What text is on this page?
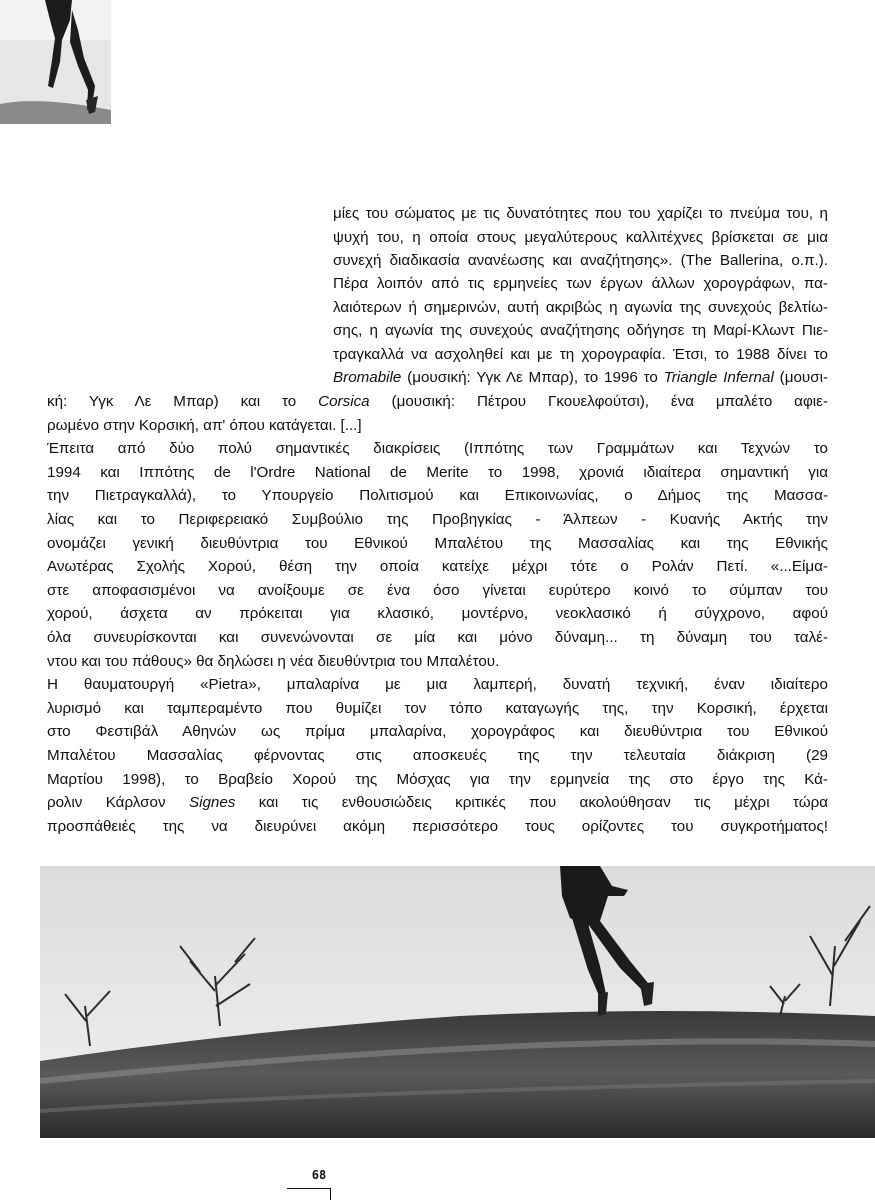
μίες του σώματος με τις δυνατότητες που του χαρίζει το πνεύμα του, η
ψυχή του, η οποία στους μεγαλύτερους καλλιτέχνες βρίσκεται σε μια
συνεχή διαδικασία ανανέωσης και αναζήτησης». (The Ballerina, ο.π.).

Πέρα λοιπόν από τις ερμηνείες των έργων άλλων χορογράφων, πα-
λαιότερων ή σημερινών, αυτή ακριβώς η αγωνία της συνεχούς βελτίω-
σης, η αγωνία της συνεχούς αναζήτησης οδήγησε τη Μαρί-Κλωντ Πιε-
τραγκαλλά να ασχοληθεί και με τη χορογραφία. Έτσι, το 1988 δίνει το
Bromabile (μουσική: Υγκ Λε Μπαρ), το 1996 το Triangle Infernal (μουσι-

κή: Υγκ Λε Μπαρ) και το Corsica (μουσική: Πέτρου Γκουελφούτσι), ένα μπαλέτο αφιε-
ρωμένο στην Κορσική, απ' όπου κατάγεται. [...]
Έπειτα από δύο πολύ σημαντικές διακρίσεις (Ιππότης των Γραμμάτων και Τεχνών το
1994 και Ιππότης de l'Ordre National de Merite το 1998, χρονιά ιδιαίτερα σημαντική για
την Πιετραγκαλλά), το Υπουργείο Πολιτισμού και Επικοινωνίας, ο Δήμος της Μασσα-
λίας και το Περιφερειακό Συμβούλιο της Προβηγκίας - Άλπεων - Κυανής Ακτής την
ονομάζει γενική διευθύντρια του Εθνικού Μπαλέτου της Μασσαλίας και της Εθνικής
Ανωτέρας Σχολής Χορού, θέση την οποία κατείχε μέχρι τότε ο Ρολάν Πετί. «...Είμα-
στε αποφασισμένοι να ανοίξουμε σε ένα όσο γίνεται ευρύτερο κοινό το σύμπαν του
χορού, άσχετα αν πρόκειται για κλασικό, μοντέρνο, νεοκλασικό ή σύγχρονο, αφού
όλα συνευρίσκονται και συνενώνονται σε μία και μόνο δύναμη... τη δύναμη του ταλέ-
ντου και του πάθους» θα δηλώσει η νέα διευθύντρια του Μπαλέτου.
Η θαυματουργή «Pietra», μπαλαρίνα με μια λαμπερή, δυνατή τεχνική, έναν ιδιαίτερο
λυρισμό και ταμπεραμέντο που θυμίζει τον τόπο καταγωγής της, την Κορσική, έρχεται
στο Φεστιβάλ Αθηνών ως πρίμα μπαλαρίνα, χορογράφος και διευθύντρια του Εθνικού
Μπαλέτου Μασσαλίας φέρνοντας στις αποσκευές της την τελευταία διάκριση (29
Μαρτίου 1998), το Βραβείο Χορού της Μόσχας για την ερμηνεία της στο έργο της Κά-
ρολιν Κάρλσον Signes και τις ενθουσιώδεις κριτικές που ακολούθησαν τις μέχρι τώρα
προσπάθειές της να διευρύνει ακόμη περισσότερο τους ορίζοντες του συγκροτήματος!

68
